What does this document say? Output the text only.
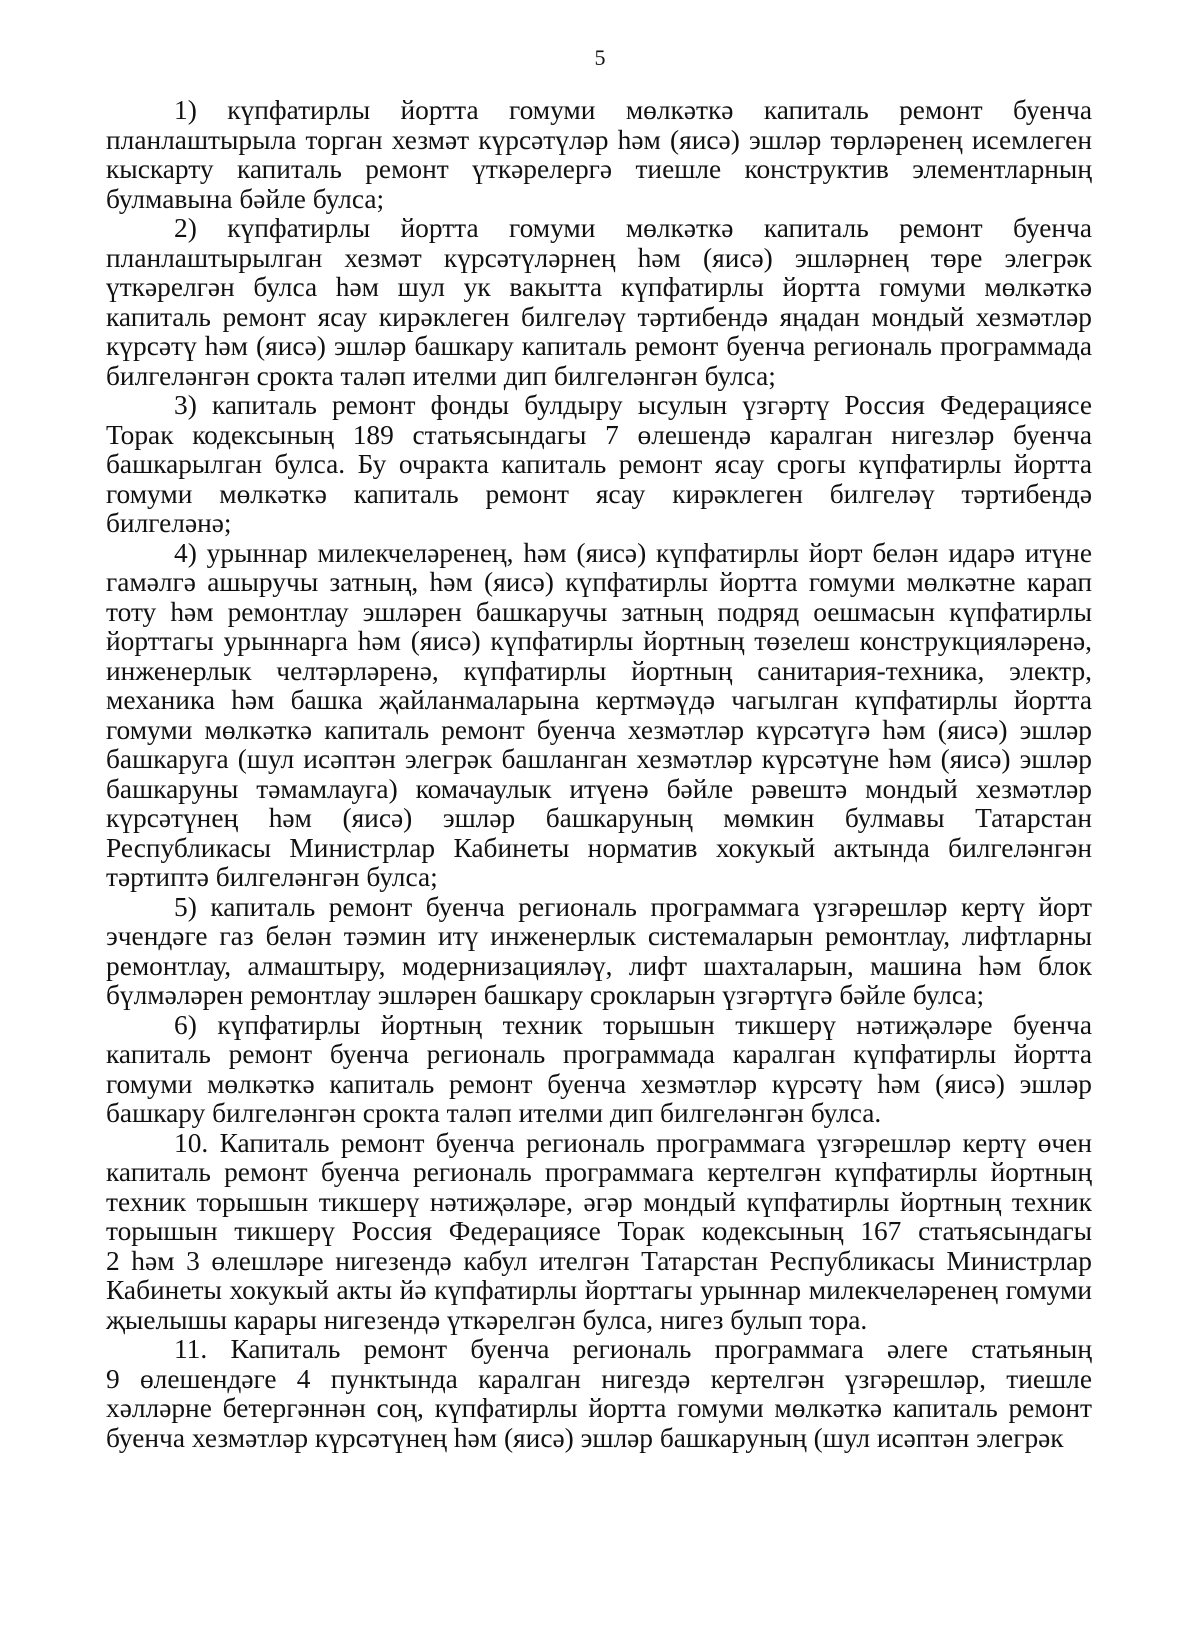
5
1) күпфатирлы йортта гомуми мөлкәткә капиталь ремонт буенча
планлаштырыла торган хезмәт күрсәтүләр һәм (яисә) эшләр төрләренең исемлеген
кыскарту капиталь ремонт үткәрелергә тиешле конструктив элементларның
булмавына бәйле булса;
2) күпфатирлы йортта гомуми мөлкәткә капиталь ремонт буенча
планлаштырылган хезмәт күрсәтүләрнең һәм (яисә) эшләрнең төре элегрәк
үткәрелгән булса һәм шул ук вакытта күпфатирлы йортта гомуми мөлкәткә
капиталь ремонт ясау кирәклеген билгеләү тәртибендә яңадан мондый хезмәтләр
күрсәтү һәм (яисә) эшләр башкару капиталь ремонт буенча региональ программада
билгеләнгән срокта таләп ителми дип билгеләнгән булса;
3) капиталь ремонт фонды булдыру ысулын үзгәртү Россия Федерациясе
Торак кодексының 189 статьясындагы 7 өлешендә каралган нигезләр буенча
башкарылган булса. Бу очракта капиталь ремонт ясау срогы күпфатирлы йортта
гомуми мөлкәткә капиталь ремонт ясау кирәклеген билгеләү тәртибендә
билгеләнә;
4) урыннар милекчеләренең, һәм (яисә) күпфатирлы йорт белән идарә итүне
гамәлгә ашыручы затның, һәм (яисә) күпфатирлы йортта гомуми мөлкәтне карап
тоту һәм ремонтлау эшләрен башкаручы затның подряд оешмасын күпфатирлы
йорттагы урыннарга һәм (яисә) күпфатирлы йортның төзелеш конструкцияләренә,
инженерлык челтәрләренә, күпфатирлы йортның санитария-техника, электр,
механика һәм башка җайланмаларына кертмәүдә чагылган күпфатирлы йортта
гомуми мөлкәткә капиталь ремонт буенча хезмәтләр күрсәтүгә һәм (яисә) эшләр
башкаруга (шул исәптән элегрәк башланган хезмәтләр күрсәтүне һәм (яисә) эшләр
башкаруны тәмамлауга) комачаулык итүенә бәйле рәвештә мондый хезмәтләр
күрсәтүнең һәм (яисә) эшләр башкаруның мөмкин булмавы Татарстан
Республикасы Министрлар Кабинеты норматив хокукый актында билгеләнгән
тәртиптә билгеләнгән булса;
5) капиталь ремонт буенча региональ программага үзгәрешләр кертү йорт
эчендәге газ белән тәэмин итү инженерлык системаларын ремонтлау, лифтларны
ремонтлау, алмаштыру, модернизацияләү, лифт шахталарын, машина һәм блок
бүлмәләрен ремонтлау эшләрен башкару срокларын үзгәртүгә бәйле булса;
6) күпфатирлы йортның техник торышын тикшерү нәтиҗәләре буенча
капиталь ремонт буенча региональ программада каралган күпфатирлы йортта
гомуми мөлкәткә капиталь ремонт буенча хезмәтләр күрсәтү һәм (яисә) эшләр
башкару билгеләнгән срокта таләп ителми дип билгеләнгән булса.
10. Капиталь ремонт буенча региональ программага үзгәрешләр кертү өчен
капиталь ремонт буенча региональ программага кертелгән күпфатирлы йортның
техник торышын тикшерү нәтиҗәләре, әгәр мондый күпфатирлы йортның техник
торышын тикшерү Россия Федерациясе Торак кодексының 167 статьясындагы
2 һәм 3 өлешләре нигезендә кабул ителгән Татарстан Республикасы Министрлар
Кабинеты хокукый акты йә күпфатирлы йорттагы урыннар милекчеләренең гомуми
җыелышы карары нигезендә үткәрелгән булса, нигез булып тора.
11. Капиталь ремонт буенча региональ программага әлеге статьяның
9 өлешендәге 4 пунктында каралган нигездә кертелгән үзгәрешләр, тиешле
хәлләрне бетергәннән соң, күпфатирлы йортта гомуми мөлкәткә капиталь ремонт
буенча хезмәтләр күрсәтүнең һәм (яисә) эшләр башкаруның (шул исәптән элегрәк
